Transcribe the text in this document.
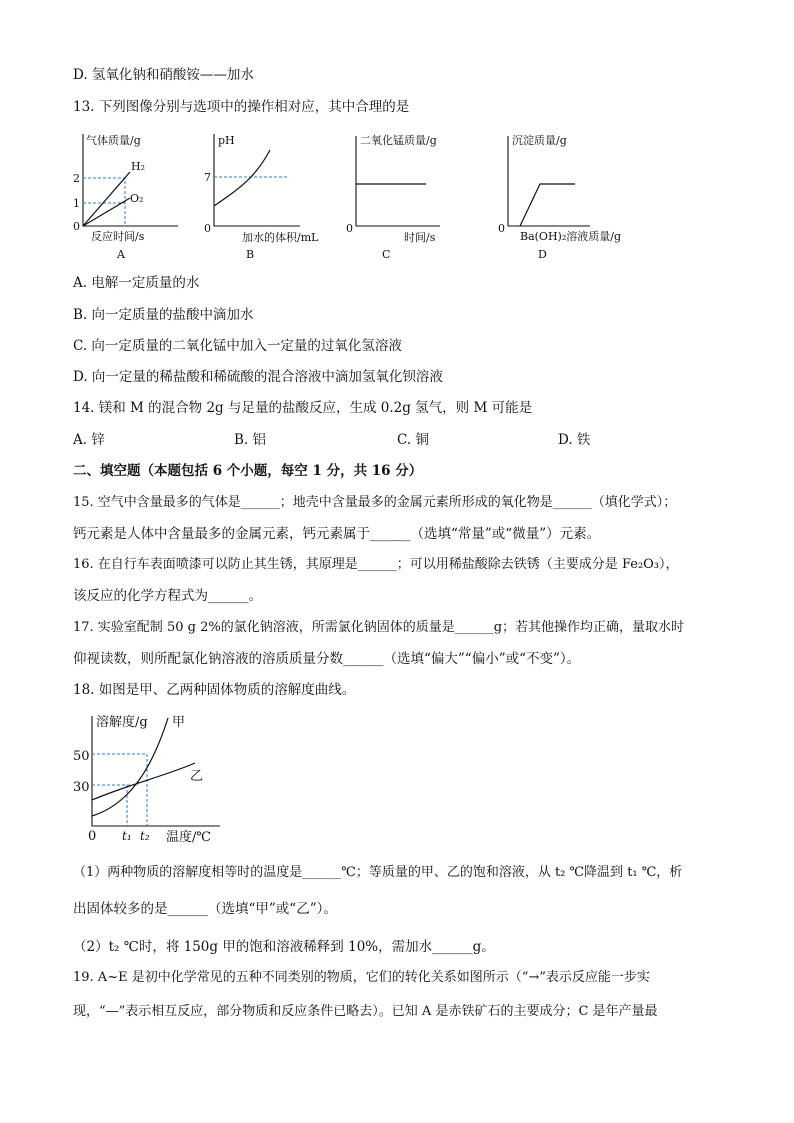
D. 氢氧化钠和硝酸铵——加水
13. 下列图像分别与选项中的操作相对应，其中合理的是
气体质量/g
2
1
0
H₂
O₂
反应时间/s
A
pH
7
0
加水的体积/mL
B
二氧化锰质量/g
0
时间/s
C
沉淀质量/g
0
Ba(OH)₂溶液质量/g
D
A. 电解一定质量的水
B. 向一定质量的盐酸中滴加水
C. 向一定质量的二氧化锰中加入一定量的过氧化氢溶液
D. 向一定量的稀盐酸和稀硫酸的混合溶液中滴加氢氧化钡溶液
14. 镁和 M 的混合物 2g 与足量的盐酸反应，生成 0.2g 氢气，则 M 可能是
A. 锌	B. 铝	C. 铜	D. 铁
二、填空题（本题包括 6 个小题，每空 1 分，共 16 分）
15. 空气中含量最多的气体是______；地壳中含量最多的金属元素所形成的氧化物是______（填化学式）；
钙元素是人体中含量最多的金属元素，钙元素属于______（选填“常量”或“微量”）元素。
16. 在自行车表面喷漆可以防止其生锈，其原理是______；可以用稀盐酸除去铁锈（主要成分是 Fe₂O₃），
该反应的化学方程式为______。
17. 实验室配制 50 g 2%的氯化钠溶液，所需氯化钠固体的质量是______g；若其他操作均正确，量取水时
仰视读数，则所配氯化钠溶液的溶质质量分数______（选填“偏大”“偏小”或“不变”）。
18. 如图是甲、乙两种固体物质的溶解度曲线。
溶解度/g
50
30
0 t₁ t₂ 温度/℃
甲
乙
（1）两种物质的溶解度相等时的温度是______℃；等质量的甲、乙的饱和溶液，从 t₂ ℃降温到 t₁ ℃，析
出固体较多的是______（选填“甲”或“乙”）。
（2）t₂ ℃时，将 150g 甲的饱和溶液稀释到 10%，需加水______g。
19. A~E 是初中化学常见的五种不同类别的物质，它们的转化关系如图所示（“→”表示反应能一步实
现，“—”表示相互反应，部分物质和反应条件已略去）。已知 A 是赤铁矿石的主要成分；C 是年产量最
